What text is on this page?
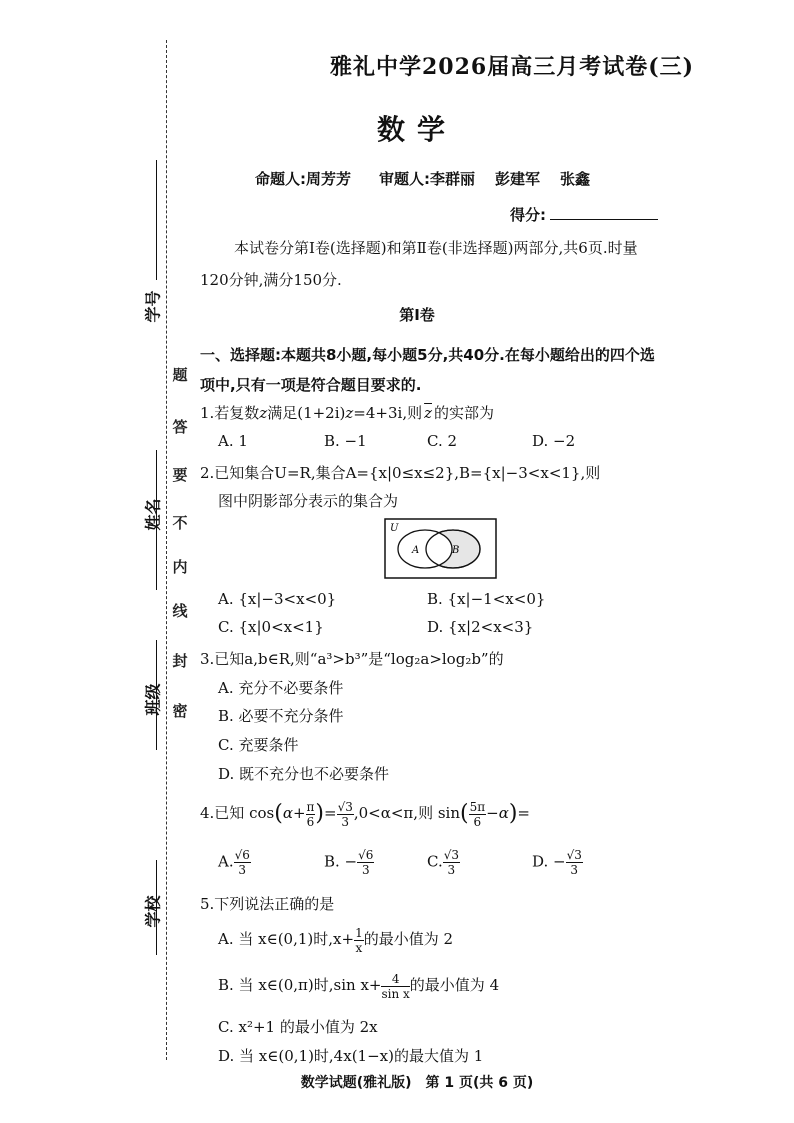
学号
姓名
班级
学校
题
答
要
不
内
线
封
密
雅礼中学2026届高三月考试卷(三)
数学
命题人:周芳芳 审题人:李群丽 彭建军 张鑫
得分:
本试卷分第Ⅰ卷(选择题)和第Ⅱ卷(非选择题)两部分,共6页.时量120分钟,满分150分.
第Ⅰ卷
一、选择题:本题共8小题,每小题5分,共40分.在每小题给出的四个选项中,只有一项是符合题目要求的.
1.若复数z满足(1+2i)z=4+3i,则 $\overline{z}$ 的实部为
A. 1	B. −1	C. 2	D. −2
2.已知集合U=R,集合A={x|0≤x≤2},B={x|−3<x<1},则
图中阴影部分表示的集合为
U
A	B
A. {x|−3<x<0}	B. {x|−1<x<0}
C. {x|0<x<1}	D. {x|2<x<3}
3.已知a,b∈R,则“a³>b³”是“log₂a>log₂b”的
A. 充分不必要条件
B. 必要不充分条件
C. 充要条件
D. 既不充分也不必要条件
4.已知 $\cos(\alpha+ \frac{\pi}{6}$ )= $\frac{√3}{3} ,0<\alpha<\pi$,则 $\sin( \frac{5\pi}{6} -\alpha)=$
A. $\frac{√6}{3}$	B. − $\frac{√6}{3}$	C. $\frac{√3}{3}$	D. − $\frac{√3}{3}$
5.下列说法正确的是
A. 当 x∈(0,1)时$,x+ \frac{1}{x}$ 的最小值为 2
B. 当 x∈(0,π)时,sin $x+ \frac{4}{\text{sin x}}$ 的最小值为 4
C. x²+1 的最小值为 2x
D. 当 x∈(0,1)时,4x(1−x)的最大值为 1
数学试题(雅礼版)　第 1 页(共 6 页)
